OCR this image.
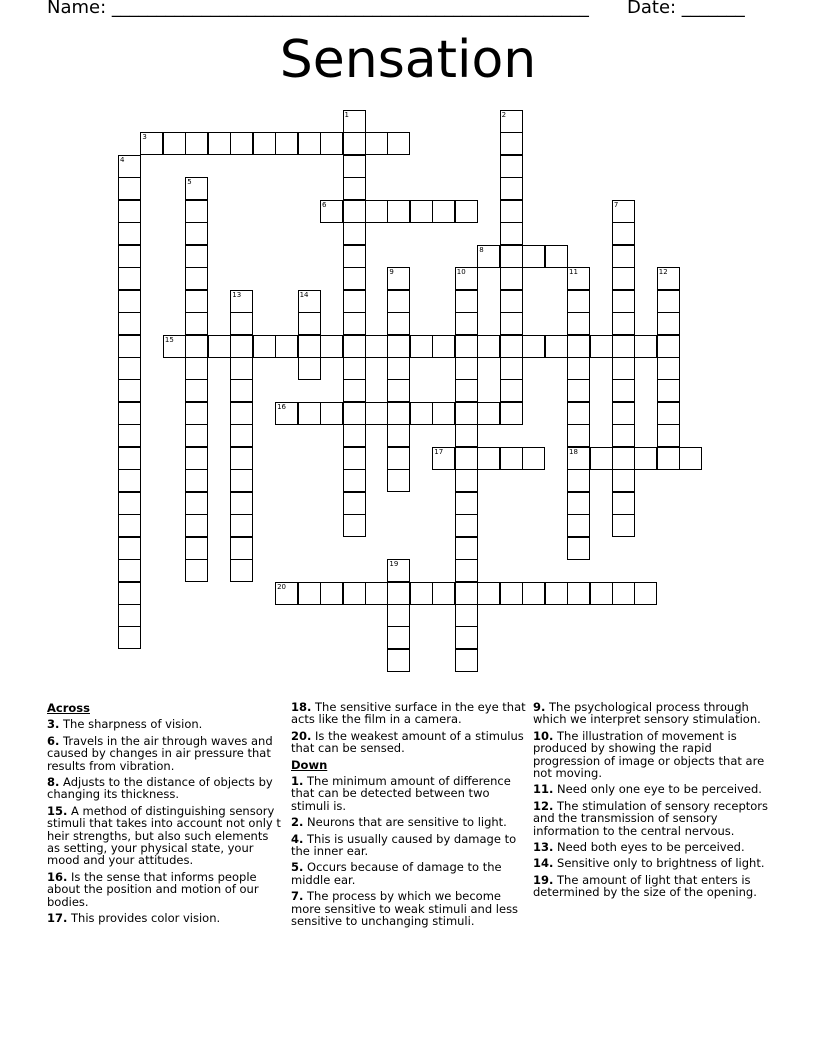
Name: _____________________________________________________ Date: _______
Sensation
1	2
3
4
5
6	7
8
9	10	11
18
12
13	14
15
16
17
19
20
Across
3. The sharpness of vision.
6. Travels in the air through waves and caused by changes in air pressure that results from vibration.
8. Adjusts to the distance of objects by changing its thickness.
15. A method of distinguishing sensory stimuli that takes into account not only t heir strengths, but also such elements as setting, your physical state, your mood and your attitudes.
16. Is the sense that informs people about the position and motion of our bodies.
17. This provides color vision.
18. The sensitive surface in the eye that acts like the film in a camera.
20. Is the weakest amount of a stimulus that can be sensed.
Down
1. The minimum amount of difference that can be detected between two stimuli is.
2. Neurons that are sensitive to light.
4. This is usually caused by damage to the inner ear.
5. Occurs because of damage to the middle ear.
7. The process by which we become more sensitive to weak stimuli and less sensitive to unchanging stimuli.
9. The psychological process through which we interpret sensory stimulation.
10. The illustration of movement is produced by showing the rapid progression of image or objects that are not moving.
11. Need only one eye to be perceived.
12. The stimulation of sensory receptors and the transmission of sensory information to the central nervous.
13. Need both eyes to be perceived.
14. Sensitive only to brightness of light.
19. The amount of light that enters is determined by the size of the opening.
